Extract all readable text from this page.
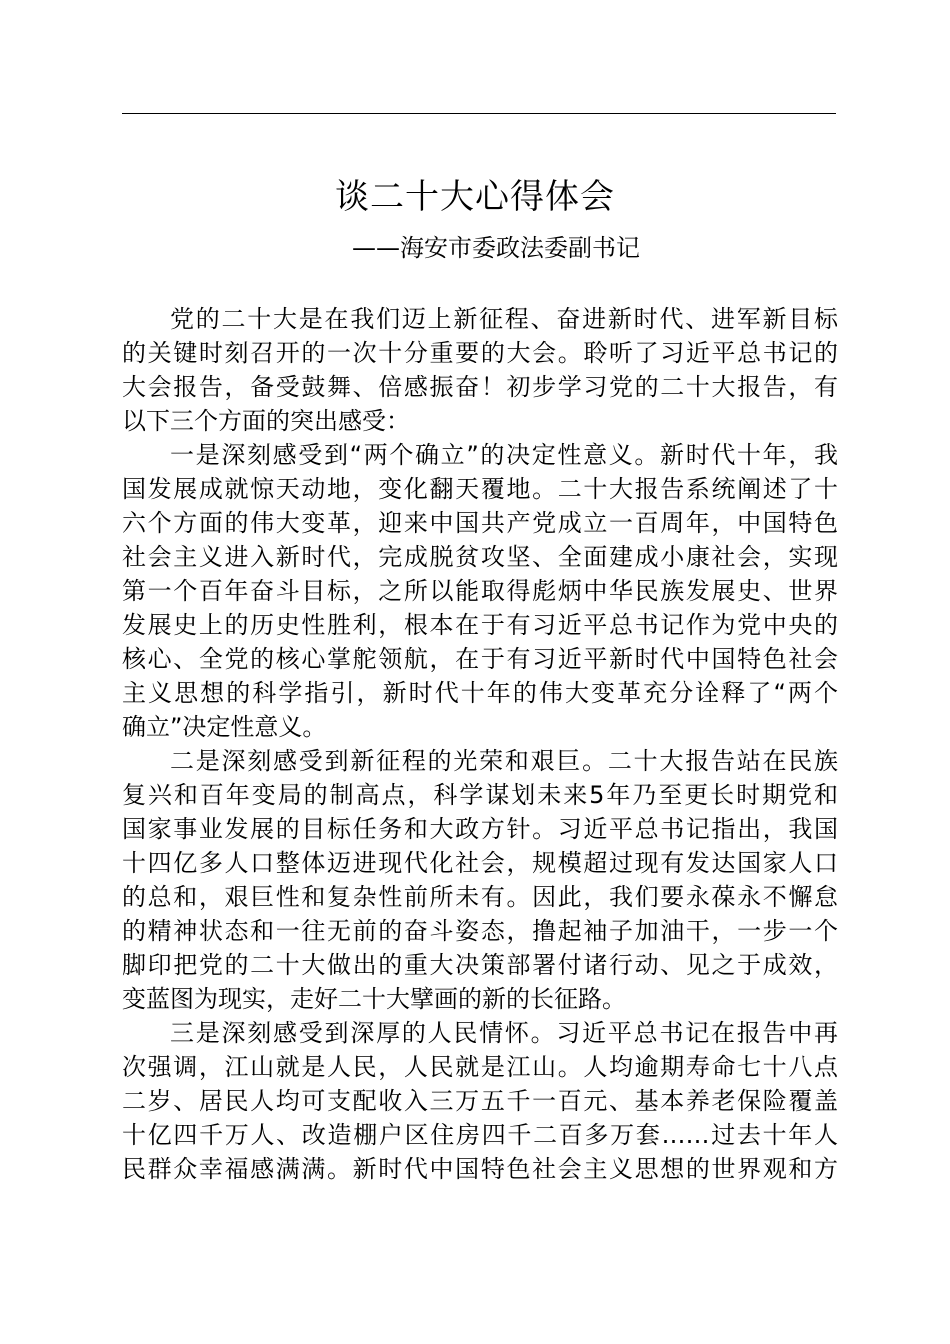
谈二十大心得体会
——海安市委政法委副书记
党的二十大是在我们迈上新征程、奋进新时代、进军新目标
的关键时刻召开的一次十分重要的大会。聆听了习近平总书记的
大会报告，备受鼓舞、倍感振奋！初步学习党的二十大报告，有
以下三个方面的突出感受：
一是深刻感受到“两个确立”的决定性意义。新时代十年，我
国发展成就惊天动地，变化翻天覆地。二十大报告系统阐述了十
六个方面的伟大变革，迎来中国共产党成立一百周年，中国特色
社会主义进入新时代，完成脱贫攻坚、全面建成小康社会，实现
第一个百年奋斗目标，之所以能取得彪炳中华民族发展史、世界
发展史上的历史性胜利，根本在于有习近平总书记作为党中央的
核心、全党的核心掌舵领航，在于有习近平新时代中国特色社会
主义思想的科学指引，新时代十年的伟大变革充分诠释了“两个
确立”决定性意义。
二是深刻感受到新征程的光荣和艰巨。二十大报告站在民族
复兴和百年变局的制高点，科学谋划未来5年乃至更长时期党和
国家事业发展的目标任务和大政方针。习近平总书记指出，我国
十四亿多人口整体迈进现代化社会，规模超过现有发达国家人口
的总和，艰巨性和复杂性前所未有。因此，我们要永葆永不懈怠
的精神状态和一往无前的奋斗姿态，撸起袖子加油干，一步一个
脚印把党的二十大做出的重大决策部署付诸行动、见之于成效，
变蓝图为现实，走好二十大擘画的新的长征路。
三是深刻感受到深厚的人民情怀。习近平总书记在报告中再
次强调，江山就是人民，人民就是江山。人均逾期寿命七十八点
二岁、居民人均可支配收入三万五千一百元、基本养老保险覆盖
十亿四千万人、改造棚户区住房四千二百多万套……过去十年人
民群众幸福感满满。新时代中国特色社会主义思想的世界观和方
